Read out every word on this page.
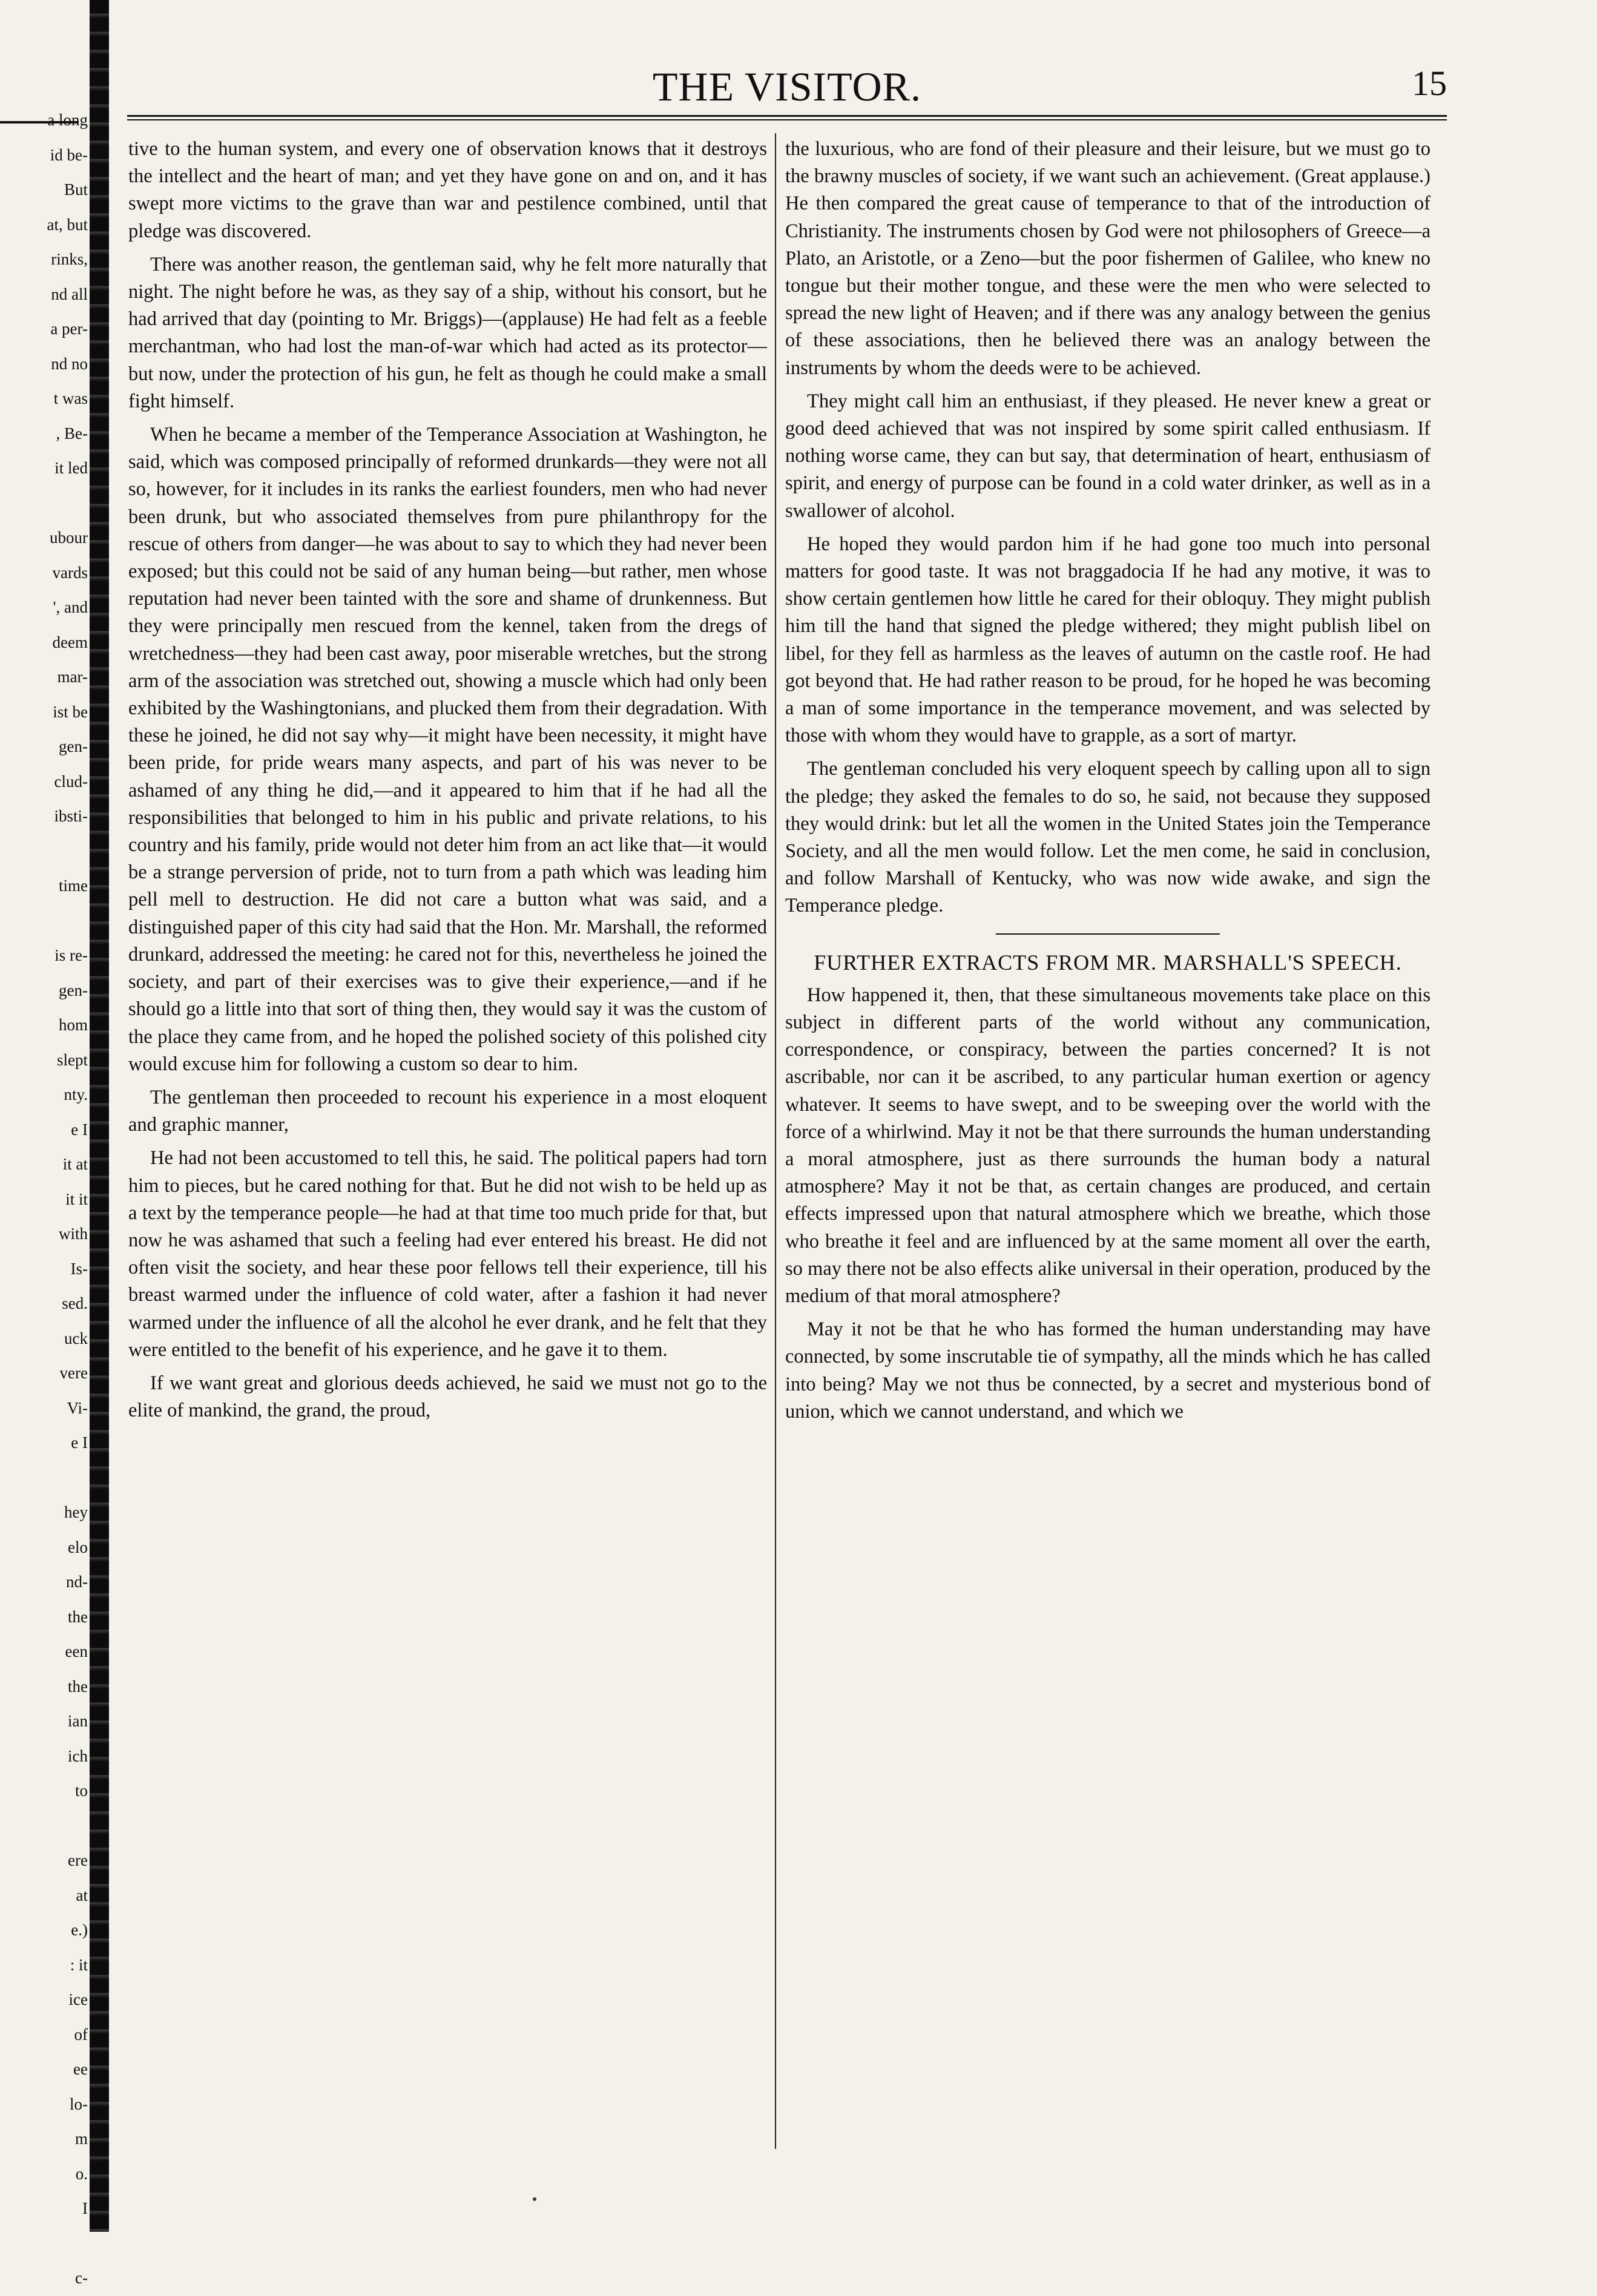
a long

id be-

But

at, but

rinks,

nd all

a per-

nd no

t was

, Be-

it led

ubour

vards

', and

deem

mar-

ist be

gen-

clud-

ibsti-

time

is re-

gen-

hom

slept

nty.

e I

it at

it it

with

Is-

sed.

uck

vere

Vi-

e I

hey

elo

nd-

the

een

the

ian

ich

to

ere

at

e.)

: it

ice

of

ee

lo-

m

o.

I

c-

THE VISITOR.	15

tive to the human system, and every one of observation knows that it destroys the intellect and the heart of man; and yet they have gone on and on, and it has swept more victims to the grave than war and pestilence combined, until that pledge was discovered.

There was another reason, the gentleman said, why he felt more naturally that night. The night before he was, as they say of a ship, without his consort, but he had arrived that day (pointing to Mr. Briggs)—(applause) He had felt as a feeble merchantman, who had lost the man-of-war which had acted as its protector—but now, under the protection of his gun, he felt as though he could make a small fight himself.

When he became a member of the Temperance Association at Washington, he said, which was composed principally of reformed drunkards—they were not all so, however, for it includes in its ranks the earliest founders, men who had never been drunk, but who associated themselves from pure philanthropy for the rescue of others from danger—he was about to say to which they had never been exposed; but this could not be said of any human being—but rather, men whose reputation had never been tainted with the sore and shame of drunkenness. But they were principally men rescued from the kennel, taken from the dregs of wretchedness—they had been cast away, poor miserable wretches, but the strong arm of the association was stretched out, showing a muscle which had only been exhibited by the Washingtonians, and plucked them from their degradation. With these he joined, he did not say why—it might have been necessity, it might have been pride, for pride wears many aspects, and part of his was never to be ashamed of any thing he did,—and it appeared to him that if he had all the responsibilities that belonged to him in his public and private relations, to his country and his family, pride would not deter him from an act like that—it would be a strange perversion of pride, not to turn from a path which was leading him pell mell to destruction. He did not care a button what was said, and a distinguished paper of this city had said that the Hon. Mr. Marshall, the reformed drunkard, addressed the meeting: he cared not for this, nevertheless he joined the society, and part of their exercises was to give their experience,—and if he should go a little into that sort of thing then, they would say it was the custom of the place they came from, and he hoped the polished society of this polished city would excuse him for following a custom so dear to him.

The gentleman then proceeded to recount his experience in a most eloquent and graphic manner,

He had not been accustomed to tell this, he said. The political papers had torn him to pieces, but he cared nothing for that. But he did not wish to be held up as a text by the temperance people—he had at that time too much pride for that, but now he was ashamed that such a feeling had ever entered his breast. He did not often visit the society, and hear these poor fellows tell their experience, till his breast warmed under the influence of cold water, after a fashion it had never warmed under the influence of all the alcohol he ever drank, and he felt that they were entitled to the benefit of his experience, and he gave it to them.

If we want great and glorious deeds achieved, he said we must not go to the elite of mankind, the grand, the proud,

the luxurious, who are fond of their pleasure and their leisure, but we must go to the brawny muscles of society, if we want such an achievement. (Great applause.) He then compared the great cause of temperance to that of the introduction of Christianity. The instruments chosen by God were not philosophers of Greece—a Plato, an Aristotle, or a Zeno—but the poor fishermen of Galilee, who knew no tongue but their mother tongue, and these were the men who were selected to spread the new light of Heaven; and if there was any analogy between the genius of these associations, then he believed there was an analogy between the instruments by whom the deeds were to be achieved.

They might call him an enthusiast, if they pleased. He never knew a great or good deed achieved that was not inspired by some spirit called enthusiasm. If nothing worse came, they can but say, that determination of heart, enthusiasm of spirit, and energy of purpose can be found in a cold water drinker, as well as in a swallower of alcohol.

He hoped they would pardon him if he had gone too much into personal matters for good taste. It was not braggadocia If he had any motive, it was to show certain gentlemen how little he cared for their obloquy. They might publish him till the hand that signed the pledge withered; they might publish libel on libel, for they fell as harmless as the leaves of autumn on the castle roof. He had got beyond that. He had rather reason to be proud, for he hoped he was becoming a man of some importance in the temperance movement, and was selected by those with whom they would have to grapple, as a sort of martyr.

The gentleman concluded his very eloquent speech by calling upon all to sign the pledge; they asked the females to do so, he said, not because they supposed they would drink: but let all the women in the United States join the Temperance Society, and all the men would follow. Let the men come, he said in conclusion, and follow Marshall of Kentucky, who was now wide awake, and sign the Temperance pledge.

FURTHER EXTRACTS FROM MR. MARSHALL'S SPEECH.

How happened it, then, that these simultaneous movements take place on this subject in different parts of the world without any communication, correspondence, or conspiracy, between the parties concerned? It is not ascribable, nor can it be ascribed, to any particular human exertion or agency whatever. It seems to have swept, and to be sweeping over the world with the force of a whirlwind. May it not be that there surrounds the human understanding a moral atmosphere, just as there surrounds the human body a natural atmosphere? May it not be that, as certain changes are produced, and certain effects impressed upon that natural atmosphere which we breathe, which those who breathe it feel and are influenced by at the same moment all over the earth, so may there not be also effects alike universal in their operation, produced by the medium of that moral atmosphere?

May it not be that he who has formed the human understanding may have connected, by some inscrutable tie of sympathy, all the minds which he has called into being? May we not thus be connected, by a secret and mysterious bond of union, which we cannot understand, and which we
